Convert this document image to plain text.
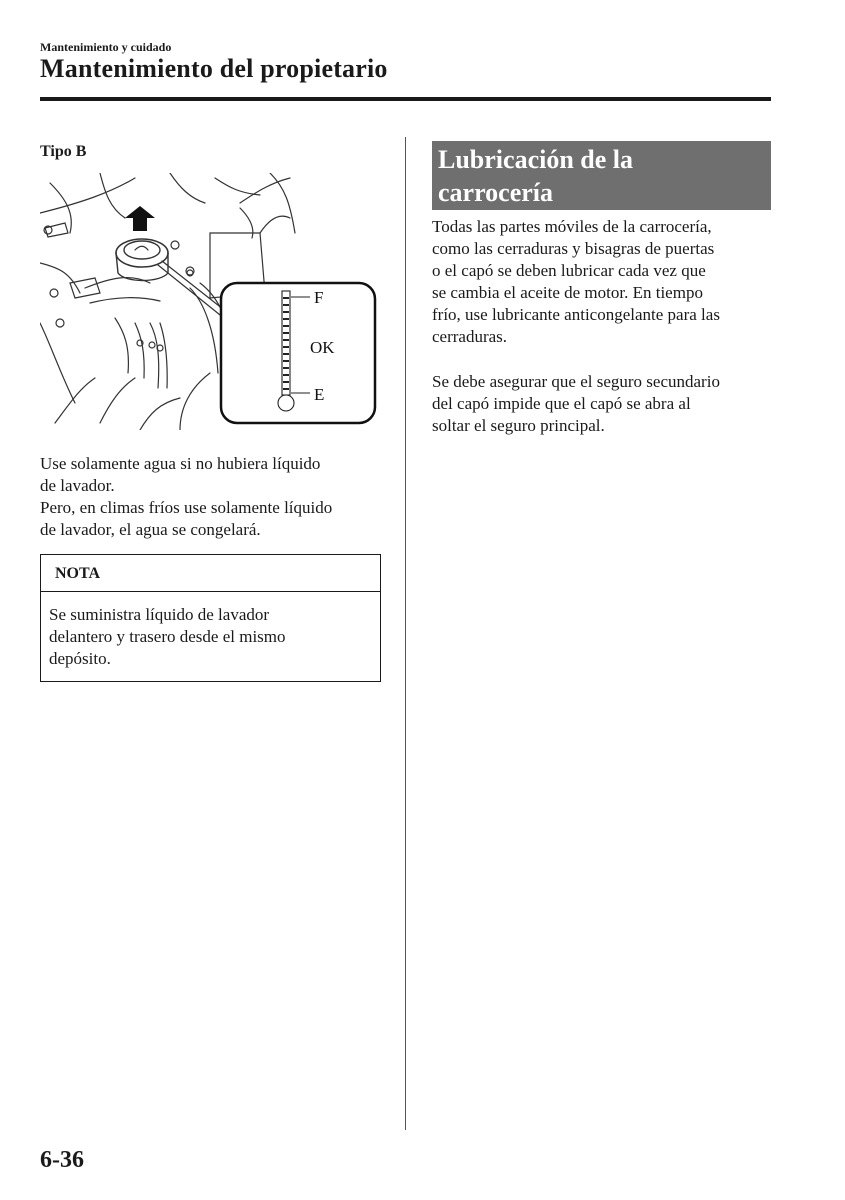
Mantenimiento y cuidado
Mantenimiento del propietario
Tipo B
F
OK
E

Use solamente agua si no hubiera líquido
de lavador.
Pero, en climas fríos use solamente líquido
de lavador, el agua se congelará.

NOTA
Se suministra líquido de lavador
delantero y trasero desde el mismo
depósito.
Lubricación de la
carrocería

Todas las partes móviles de la carrocería,
como las cerraduras y bisagras de puertas
o el capó se deben lubricar cada vez que
se cambia el aceite de motor. En tiempo
frío, use lubricante anticongelante para las
cerraduras.

Se debe asegurar que el seguro secundario
del capó impide que el capó se abra al
soltar el seguro principal.

6-36
